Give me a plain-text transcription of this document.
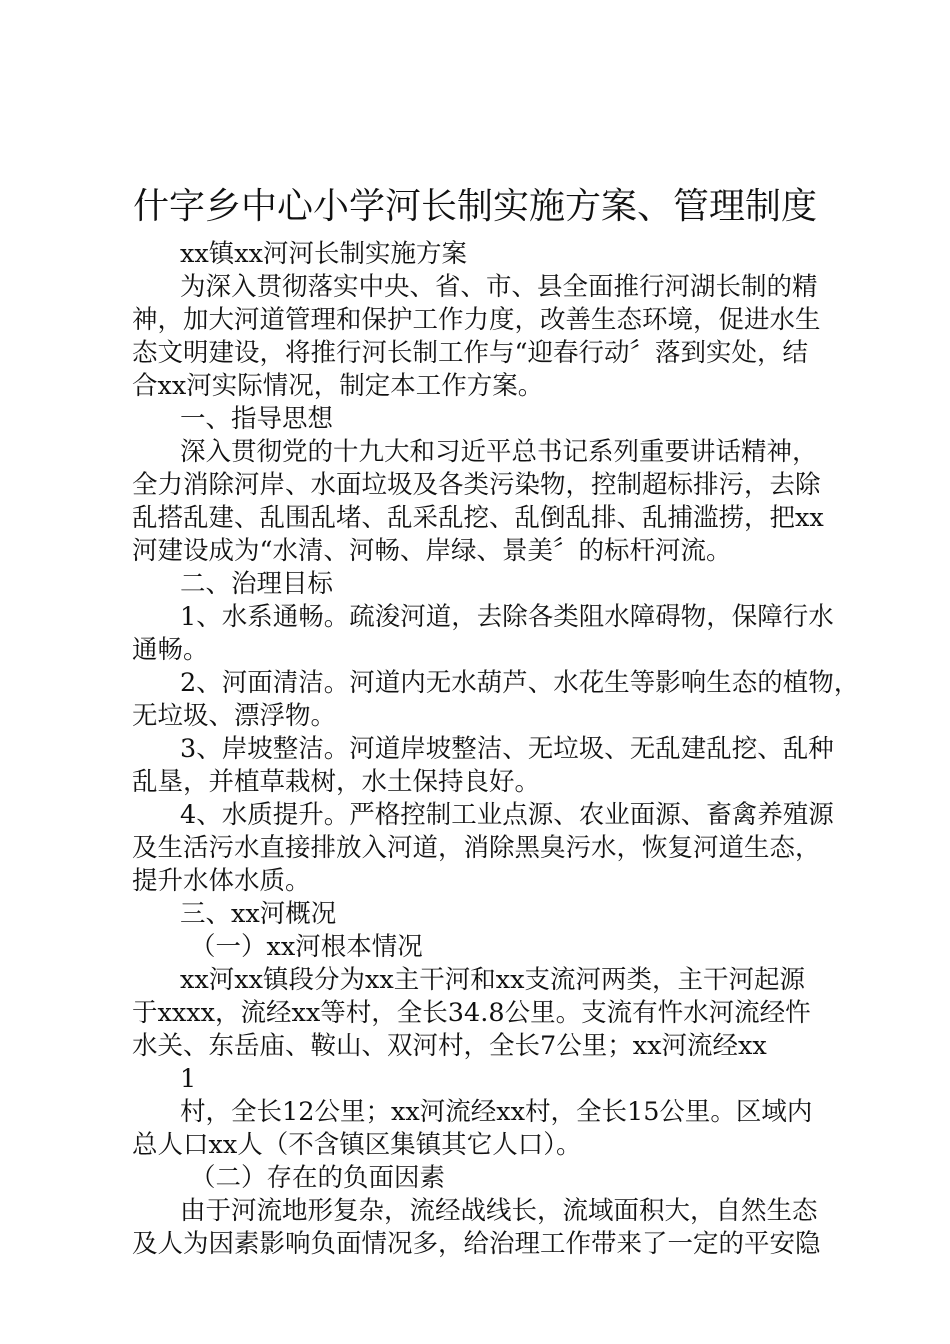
什字乡中心小学河长制实施方案、管理制度
xx镇xx河河长制实施方案
为深入贯彻落实中央、省、市、县全面推行河湖长制的精
神，加大河道管理和保护工作力度，改善生态环境，促进水生
态文明建设，将推行河长制工作与“迎春行动〞落到实处，结
合xx河实际情况，制定本工作方案。
一、指导思想
深入贯彻党的十九大和习近平总书记系列重要讲话精神，
全力消除河岸、水面垃圾及各类污染物，控制超标排污，去除
乱搭乱建、乱围乱堵、乱采乱挖、乱倒乱排、乱捕滥捞，把xx
河建设成为“水清、河畅、岸绿、景美〞的标杆河流。
二、治理目标
1、水系通畅。疏浚河道，去除各类阻水障碍物，保障行水
通畅。
2、河面清洁。河道内无水葫芦、水花生等影响生态的植物，
无垃圾、漂浮物。
3、岸坡整洁。河道岸坡整洁、无垃圾、无乱建乱挖、乱种
乱垦，并植草栽树，水土保持良好。
4、水质提升。严格控制工业点源、农业面源、畜禽养殖源
及生活污水直接排放入河道，消除黑臭污水，恢复河道生态，
提升水体水质。
三、xx河概况
（一）xx河根本情况
xx河xx镇段分为xx主干河和xx支流河两类，主干河起源
于xxxx，流经xx等村，全长34.8公里。支流有忤水河流经忤
水关、东岳庙、鞍山、双河村，全长7公里；xx河流经xx
1
村，全长12公里；xx河流经xx村，全长15公里。区域内
总人口xx人（不含镇区集镇其它人口）。
（二）存在的负面因素
由于河流地形复杂，流经战线长，流域面积大，自然生态
及人为因素影响负面情况多，给治理工作带来了一定的平安隐
